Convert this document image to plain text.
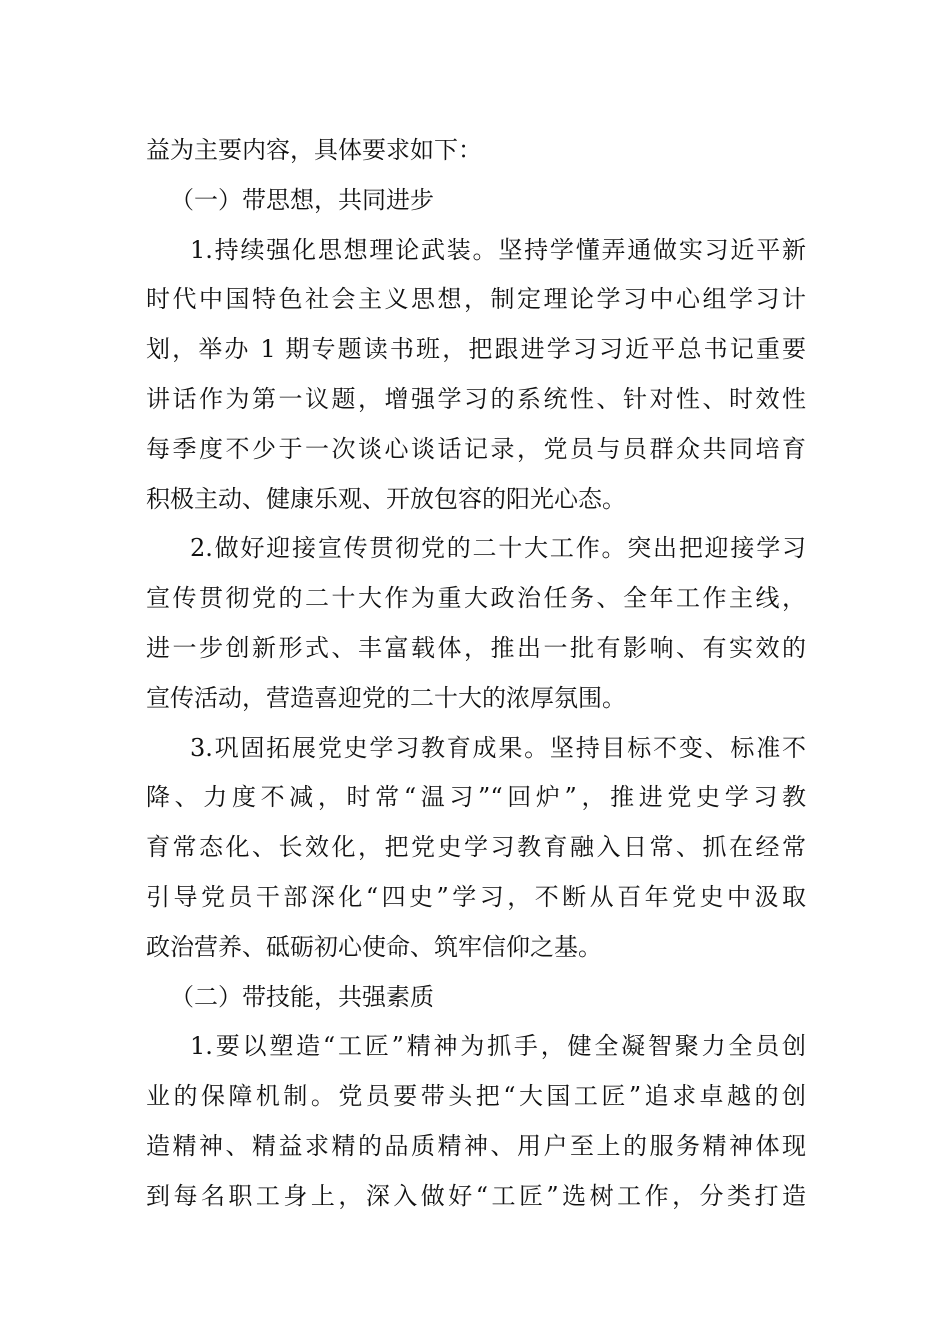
益为主要内容，具体要求如下：
（一）带思想，共同进步
1.持续强化思想理论武装。坚持学懂弄通做实习近平新
时代中国特色社会主义思想，制定理论学习中心组学习计
划，举办 1 期专题读书班，把跟进学习习近平总书记重要
讲话作为第一议题，增强学习的系统性、针对性、时效性
每季度不少于一次谈心谈话记录，党员与员群众共同培育
积极主动、健康乐观、开放包容的阳光心态。
2.做好迎接宣传贯彻党的二十大工作。突出把迎接学习
宣传贯彻党的二十大作为重大政治任务、全年工作主线，
进一步创新形式、丰富载体，推出一批有影响、有实效的
宣传活动，营造喜迎党的二十大的浓厚氛围。
3.巩固拓展党史学习教育成果。坚持目标不变、标准不
降、力度不减，时常“温习”“回炉”，推进党史学习教
育常态化、长效化，把党史学习教育融入日常、抓在经常
引导党员干部深化“四史”学习，不断从百年党史中汲取
政治营养、砥砺初心使命、筑牢信仰之基。
（二）带技能，共强素质
1.要以塑造“工匠”精神为抓手，健全凝智聚力全员创
业的保障机制。党员要带头把“大国工匠”追求卓越的创
造精神、精益求精的品质精神、用户至上的服务精神体现
到每名职工身上，深入做好“工匠”选树工作，分类打造
